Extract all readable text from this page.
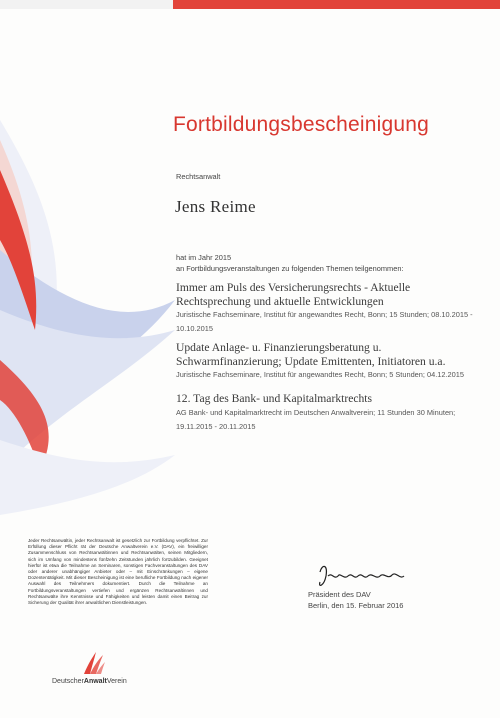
Fortbildungsbescheinigung
Rechtsanwalt
Jens Reime
hat im Jahr 2015
an Fortbildungsveranstaltungen zu folgenden Themen teilgenommen:
Immer am Puls des Versicherungsrechts - Aktuelle Rechtsprechung und aktuelle Entwicklungen
Juristische Fachseminare, Institut für angewandtes Recht, Bonn; 15 Stunden; 08.10.2015 - 10.10.2015
Update Anlage- u. Finanzierungsberatung u. Schwarmfinanzierung; Update Emittenten, Initiatoren u.a.
Juristische Fachseminare, Institut für angewandtes Recht, Bonn; 5 Stunden; 04.12.2015
12. Tag des Bank- und Kapitalmarktrechts
AG Bank- und Kapitalmarktrecht im Deutschen Anwaltverein; 11 Stunden 30 Minuten; 19.11.2015 - 20.11.2015
Jeder Rechtsanwältin, jeder Rechtsanwalt ist gesetzlich zur Fortbildung verpflichtet. Zur Erfüllung dieser Pflicht rät der Deutsche Anwaltverein e.V. (DAV), ein freiwilliger Zusammenschluss von Rechtsanwältinnen und Rechtsanwälten, seinen Mitgliedern, sich im Umfang von mindestens fünfzehn Zeitstunden jährlich fortzubilden. Geeignet hierfür ist etwa die Teilnahme an Seminaren, sonstigen Fachveranstaltungen des DAV oder anderer unabhängiger Anbieter oder – mit Einschränkungen – eigene Dozententätigkeit. Mit dieser Bescheinigung ist eine berufliche Fortbildung nach eigener Auswahl des Teilnehmers dokumentiert. Durch die Teilnahme an Fortbildungsveranstaltungen vertiefen und ergänzen Rechtsanwältinnen und Rechtsanwälte ihre Kenntnisse und Fähigkeiten und leisten damit einen Beitrag zur Sicherung der Qualität ihrer anwaltlichen Dienstleistungen.
Präsident des DAV
Berlin, den 15. Februar 2016
DeutscherAnwaltVerein
